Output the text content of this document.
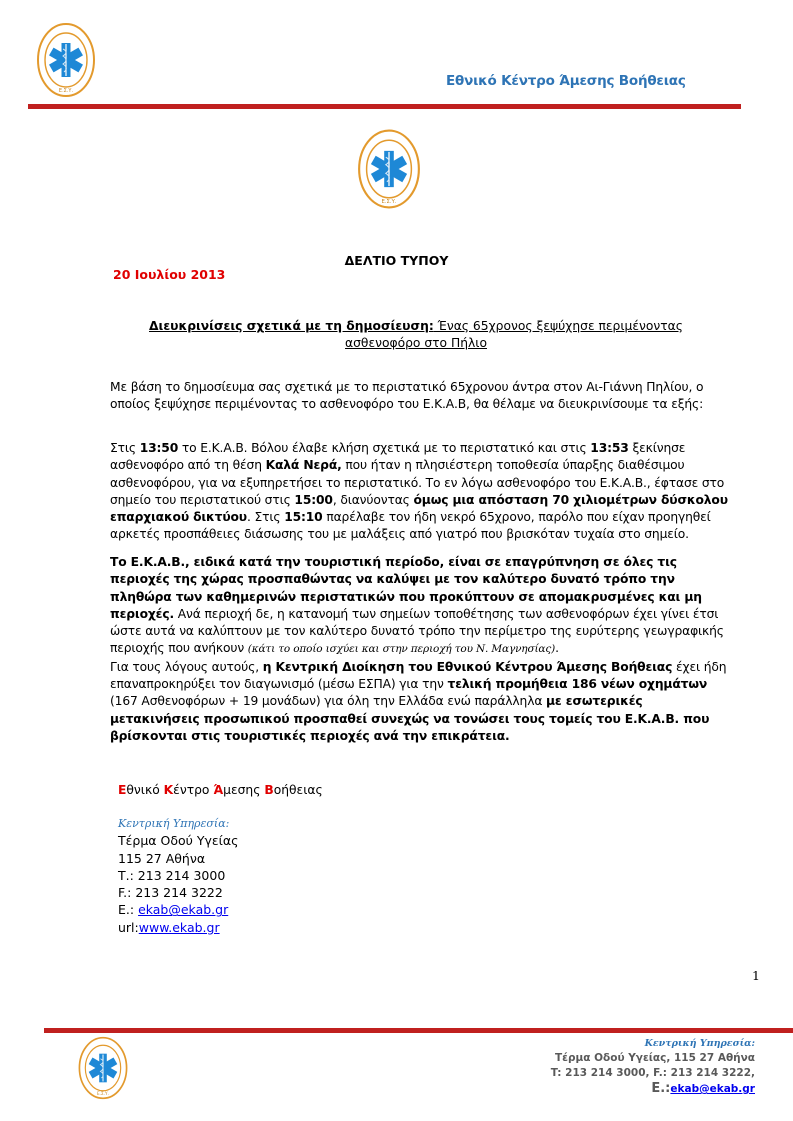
Εθνικό Κέντρο Άμεσης Βοήθειας
ΔΕΛΤΙΟ ΤΥΠΟΥ
20 Ιουλίου 2013
Διευκρινίσεις σχετικά με τη δημοσίευση: Ένας 65χρονος ξεψύχησε περιμένοντας ασθενοφόρο στο Πήλιο
Με βάση το δημοσίευμα σας σχετικά με το περιστατικό 65χρονου άντρα στον Αι-Γιάννη Πηλίου, ο οποίος ξεψύχησε περιμένοντας το ασθενοφόρο του Ε.Κ.Α.Β, θα θέλαμε να διευκρινίσουμε τα εξής:
Στις 13:50 το Ε.Κ.Α.Β. Βόλου έλαβε κλήση σχετικά με το περιστατικό και στις 13:53 ξεκίνησε ασθενοφόρο από τη θέση Καλά Νερά, που ήταν η πλησιέστερη τοποθεσία ύπαρξης διαθέσιμου ασθενοφόρου, για να εξυπηρετήσει το περιστατικό. Το εν λόγω ασθενοφόρο του Ε.Κ.Α.Β., έφτασε στο σημείο του περιστατικού στις 15:00, διανύοντας όμως μια απόσταση 70 χιλιομέτρων δύσκολου επαρχιακού δικτύου. Στις 15:10 παρέλαβε τον ήδη νεκρό 65χρονο, παρόλο που είχαν προηγηθεί αρκετές προσπάθειες διάσωσης του με μαλάξεις από γιατρό που βρισκόταν τυχαία στο σημείο.
Το Ε.Κ.Α.Β., ειδικά κατά την τουριστική περίοδο, είναι σε επαγρύπνηση σε όλες τις περιοχές της χώρας προσπαθώντας να καλύψει με τον καλύτερο δυνατό τρόπο την πληθώρα των καθημερινών περιστατικών που προκύπτουν σε απομακρυσμένες και μη περιοχές. Ανά περιοχή δε, η κατανομή των σημείων τοποθέτησης των ασθενοφόρων έχει γίνει έτσι ώστε αυτά να καλύπτουν με τον καλύτερο δυνατό τρόπο την περίμετρο της ευρύτερης γεωγραφικής περιοχής που ανήκουν (κάτι το οποίο ισχύει και στην περιοχή του Ν. Μαγνησίας).
Για τους λόγους αυτούς, η Κεντρική Διοίκηση του Εθνικού Κέντρου Άμεσης Βοήθειας έχει ήδη επαναπροκηρύξει τον διαγωνισμό (μέσω ΕΣΠΑ) για την τελική προμήθεια 186 νέων οχημάτων (167 Ασθενοφόρων + 19 μονάδων) για όλη την Ελλάδα ενώ παράλληλα με εσωτερικές μετακινήσεις προσωπικού προσπαθεί συνεχώς να τονώσει τους τομείς του Ε.Κ.Α.Β. που βρίσκονται στις τουριστικές περιοχές ανά την επικράτεια.
Εθνικό Κέντρο Άμεσης Βοήθειας
Κεντρική Υπηρεσία:
Τέρμα Οδού Υγείας
115 27 Αθήνα
Τ.: 213 214 3000
F.: 213 214 3222
E.: ekab@ekab.gr
url:www.ekab.gr
1
Κεντρική Υπηρεσία:
Τέρμα Οδού Υγείας, 115 27 Αθήνα
T: 213 214 3000, F.: 213 214 3222,
E.:ekab@ekab.gr
